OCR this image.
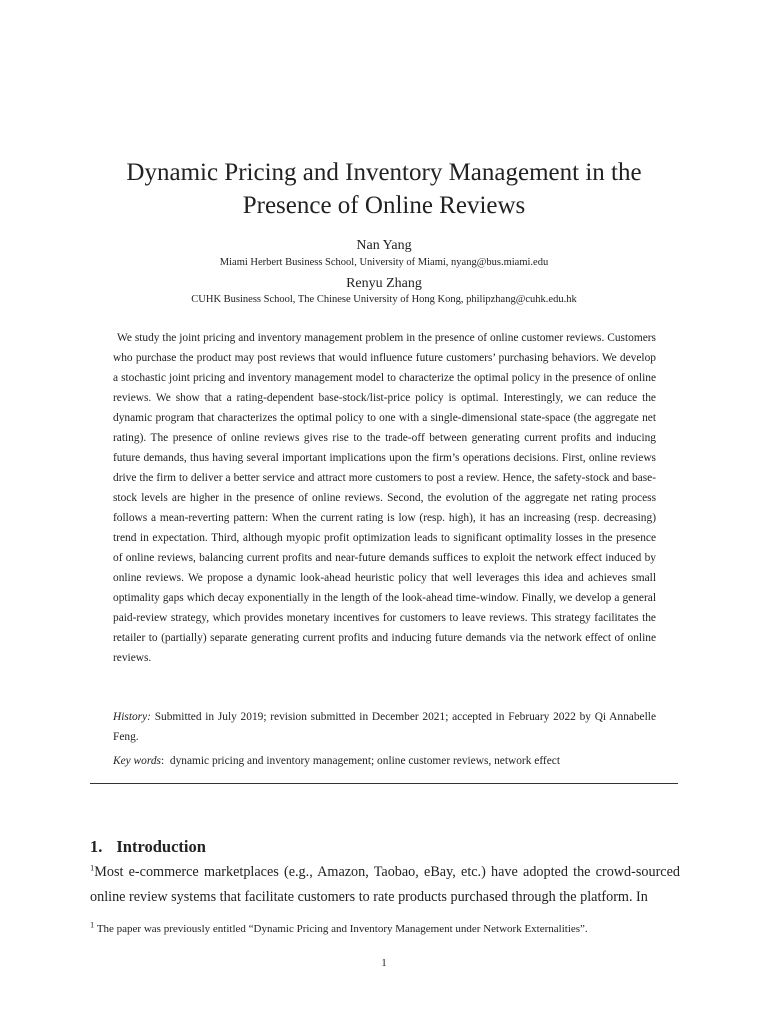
Dynamic Pricing and Inventory Management in the
Presence of Online Reviews
Nan Yang
Miami Herbert Business School, University of Miami, nyang@bus.miami.edu
Renyu Zhang
CUHK Business School, The Chinese University of Hong Kong, philipzhang@cuhk.edu.hk

We study the joint pricing and inventory management problem in the presence of online customer reviews. Customers who purchase the product may post reviews that would influence future customers’ purchasing behaviors. We develop a stochastic joint pricing and inventory management model to characterize the optimal policy in the presence of online reviews. We show that a rating-dependent base-stock/list-price policy is optimal. Interestingly, we can reduce the dynamic program that characterizes the optimal policy to one with a single-dimensional state-space (the aggregate net rating). The presence of online reviews gives rise to the trade-off between generating current profits and inducing future demands, thus having several important implications upon the firm’s operations decisions. First, online reviews drive the firm to deliver a better service and attract more customers to post a review. Hence, the safety-stock and base-stock levels are higher in the presence of online reviews. Second, the evolution of the aggregate net rating process follows a mean-reverting pattern: When the current rating is low (resp. high), it has an increasing (resp. decreasing) trend in expectation. Third, although myopic profit optimization leads to significant optimality losses in the presence of online reviews, balancing current profits and near-future demands suffices to exploit the network effect induced by online reviews. We propose a dynamic look-ahead heuristic policy that well leverages this idea and achieves small optimality gaps which decay exponentially in the length of the look-ahead time-window. Finally, we develop a general paid-review strategy, which provides monetary incentives for customers to leave reviews. This strategy facilitates the retailer to (partially) separate generating current profits and inducing future demands via the network effect of online reviews.

History: Submitted in July 2019; revision submitted in December 2021; accepted in February 2022 by Qi Annabelle Feng.

Key words: dynamic pricing and inventory management; online customer reviews, network effect

1. Introduction

$^1$Most e-commerce marketplaces (e.g., Amazon, Taobao, eBay, etc.) have adopted the crowd-sourced online review systems that facilitate customers to rate products purchased through the platform. In

$^1$ The paper was previously entitled “Dynamic Pricing and Inventory Management under Network Externalities”.
1
